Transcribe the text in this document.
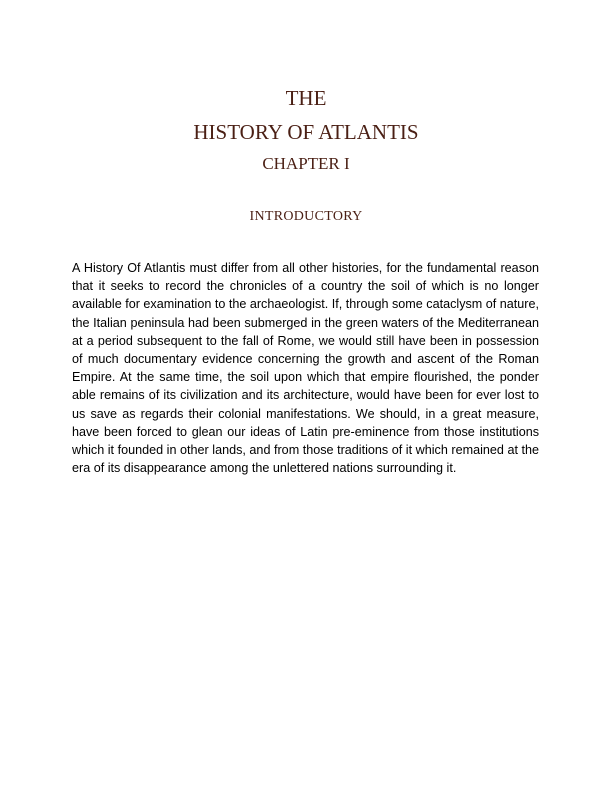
THE
HISTORY OF ATLANTIS
CHAPTER I
INTRODUCTORY

A History Of Atlantis must differ from all other histories, for the fundamental reason that it seeks to record the chronicles of a country the soil of which is no longer available for examination to the archaeologist. If, through some cataclysm of nature, the Italian peninsula had been submerged in the green waters of the Mediterranean at a period subsequent to the fall of Rome, we would still have been in possession of much documentary evidence concerning the growth and ascent of the Roman Empire. At the same time, the soil upon which that empire flourished, the ponder able remains of its civilization and its architecture, would have been for ever lost to us save as regards their colonial manifestations. We should, in a great measure, have been forced to glean our ideas of Latin pre-eminence from those institutions which it founded in other lands, and from those traditions of it which remained at the era of its disappearance among the unlettered nations surrounding it.
